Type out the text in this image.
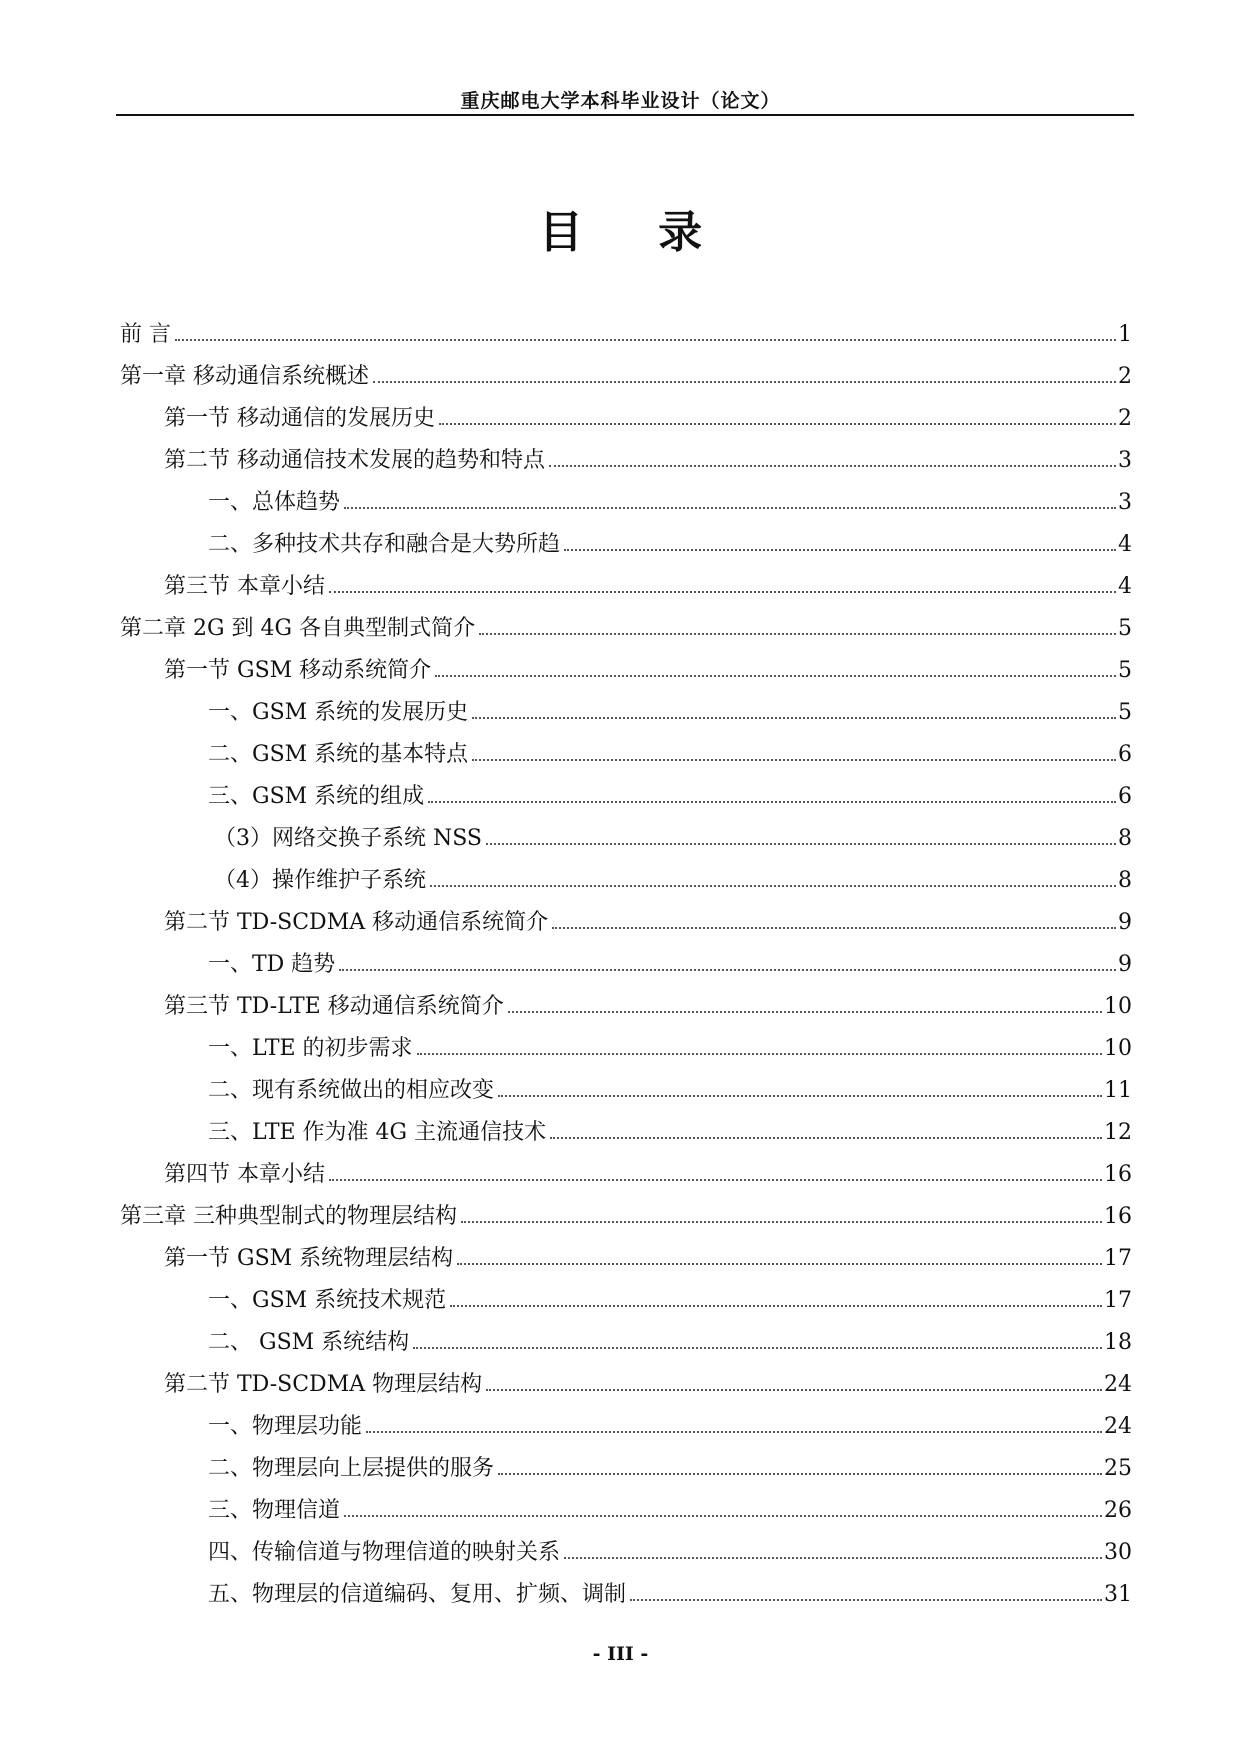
重庆邮电大学本科毕业设计（论文）
目 录
前 言	1
第一章 移动通信系统概述	2
第一节 移动通信的发展历史	2
第二节 移动通信技术发展的趋势和特点	3
一、总体趋势	3
二、多种技术共存和融合是大势所趋	4
第三节 本章小结	4
第二章 2G 到 4G 各自典型制式简介	5
第一节 GSM 移动系统简介	5
一、GSM 系统的发展历史	5
二、GSM 系统的基本特点	6
三、GSM 系统的组成	6
（3）网络交换子系统 NSS	8
（4）操作维护子系统	8
第二节 TD-SCDMA 移动通信系统简介	9
一、TD 趋势	9
第三节 TD-LTE 移动通信系统简介	10
一、LTE 的初步需求	10
二、现有系统做出的相应改变	11
三、LTE 作为准 4G 主流通信技术	12
第四节 本章小结	16
第三章 三种典型制式的物理层结构	16
第一节 GSM 系统物理层结构	17
一、GSM 系统技术规范	17
二、 GSM 系统结构	18
第二节 TD-SCDMA 物理层结构	24
一、物理层功能	24
二、物理层向上层提供的服务	25
三、物理信道	26
四、传输信道与物理信道的映射关系	30
五、物理层的信道编码、复用、扩频、调制	31
- III -
